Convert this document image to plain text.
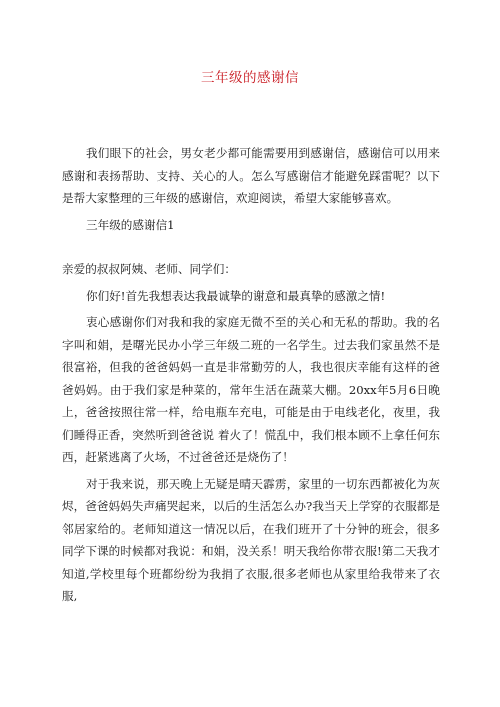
三年级的感谢信

我们眼下的社会，男女老少都可能需要用到感谢信，感谢信可以用来感谢和表扬帮助、支持、关心的人。怎么写感谢信才能避免踩雷呢？以下是帮大家整理的三年级的感谢信，欢迎阅读，希望大家能够喜欢。

三年级的感谢信1

亲爱的叔叔阿姨、老师、同学们：

你们好!首先我想表达我最诚挚的谢意和最真挚的感激之情!

衷心感谢你们对我和我的家庭无微不至的关心和无私的帮助。我的名字叫和娟，是曙光民办小学三年级二班的一名学生。过去我们家虽然不是很富裕，但我的爸爸妈妈一直是非常勤劳的人，我也很庆幸能有这样的爸爸妈妈。由于我们家是种菜的，常年生活在蔬菜大棚。20xx年5月6日晚上，爸爸按照往常一样，给电瓶车充电，可能是由于电线老化，夜里，我们睡得正香，突然听到爸爸说 着火了！慌乱中，我们根本顾不上拿任何东西，赶紧逃离了火场，不过爸爸还是烧伤了！

对于我来说，那天晚上无疑是晴天霹雳，家里的一切东西都被化为灰烬，爸爸妈妈失声痛哭起来，以后的生活怎么办?我当天上学穿的衣服都是邻居家给的。老师知道这一情况以后，在我们班开了十分钟的班会，很多同学下课的时候都对我说：和娟，没关系！明天我给你带衣服!第二天我才知道,学校里每个班都纷纷为我捐了衣服,很多老师也从家里给我带来了衣服,
